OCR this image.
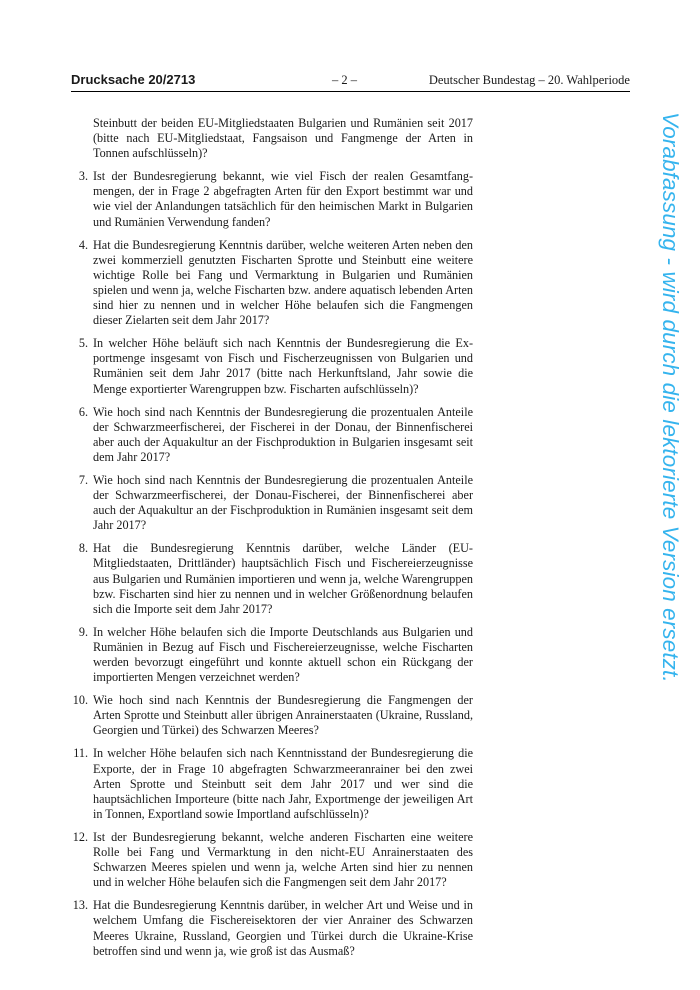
Drucksache 20/2713	– 2 –	Deutscher Bundestag – 20. Wahlperiode

Steinbutt der beiden EU-Mitgliedstaaten Bulgarien und Rumänien seit 2017 (bitte nach EU-Mitgliedstaat, Fangsaison und Fangmenge der Arten in Tonnen aufschlüsseln)?

3. Ist der Bundesregierung bekannt, wie viel Fisch der realen Gesamtfangmengen, der in Frage 2 abgefragten Arten für den Export bestimmt war und wie viel der Anlandungen tatsächlich für den heimischen Markt in Bulgarien und Rumänien Verwendung fanden?
4. Hat die Bundesregierung Kenntnis darüber, welche weiteren Arten neben den zwei kommerziell genutzten Fischarten Sprotte und Steinbutt eine weitere wichtige Rolle bei Fang und Vermarktung in Bulgarien und Rumänien spielen und wenn ja, welche Fischarten bzw. andere aquatisch lebenden Arten sind hier zu nennen und in welcher Höhe belaufen sich die Fangmengen dieser Zielarten seit dem Jahr 2017?
5. In welcher Höhe beläuft sich nach Kenntnis der Bundesregierung die Exportmenge insgesamt von Fisch und Fischerzeugnissen von Bulgarien und Rumänien seit dem Jahr 2017 (bitte nach Herkunftsland, Jahr sowie die Menge exportierter Warengruppen bzw. Fischarten aufschlüsseln)?
6. Wie hoch sind nach Kenntnis der Bundesregierung die prozentualen Anteile der Schwarzmeerfischerei, der Fischerei in der Donau, der Binnenfischerei aber auch der Aquakultur an der Fischproduktion in Bulgarien insgesamt seit dem Jahr 2017?
7. Wie hoch sind nach Kenntnis der Bundesregierung die prozentualen Anteile der Schwarzmeerfischerei, der Donau-Fischerei, der Binnenfischerei aber auch der Aquakultur an der Fischproduktion in Rumänien insgesamt seit dem Jahr 2017?
8. Hat die Bundesregierung Kenntnis darüber, welche Länder (EU-Mitgliedstaaten, Drittländer) hauptsächlich Fisch und Fischereierzeugnisse aus Bulgarien und Rumänien importieren und wenn ja, welche Warengruppen bzw. Fischarten sind hier zu nennen und in welcher Größenordnung belaufen sich die Importe seit dem Jahr 2017?
9. In welcher Höhe belaufen sich die Importe Deutschlands aus Bulgarien und Rumänien in Bezug auf Fisch und Fischereierzeugnisse, welche Fischarten werden bevorzugt eingeführt und konnte aktuell schon ein Rückgang der importierten Mengen verzeichnet werden?
10. Wie hoch sind nach Kenntnis der Bundesregierung die Fangmengen der Arten Sprotte und Steinbutt aller übrigen Anrainerstaaten (Ukraine, Russland, Georgien und Türkei) des Schwarzen Meeres?
11. In welcher Höhe belaufen sich nach Kenntnisstand der Bundesregierung die Exporte, der in Frage 10 abgefragten Schwarzmeeranrainer bei den zwei Arten Sprotte und Steinbutt seit dem Jahr 2017 und wer sind die hauptsächlichen Importeure (bitte nach Jahr, Exportmenge der jeweiligen Art in Tonnen, Exportland sowie Importland aufschlüsseln)?
12. Ist der Bundesregierung bekannt, welche anderen Fischarten eine weitere Rolle bei Fang und Vermarktung in den nicht-EU Anrainerstaaten des Schwarzen Meeres spielen und wenn ja, welche Arten sind hier zu nennen und in welcher Höhe belaufen sich die Fangmengen seit dem Jahr 2017?
13. Hat die Bundesregierung Kenntnis darüber, in welcher Art und Weise und in welchem Umfang die Fischereisektoren der vier Anrainer des Schwarzen Meeres Ukraine, Russland, Georgien und Türkei durch die Ukraine-Krise betroffen sind und wenn ja, wie groß ist das Ausmaß?
Vorabfassung - wird durch die lektorierte Version ersetzt.
